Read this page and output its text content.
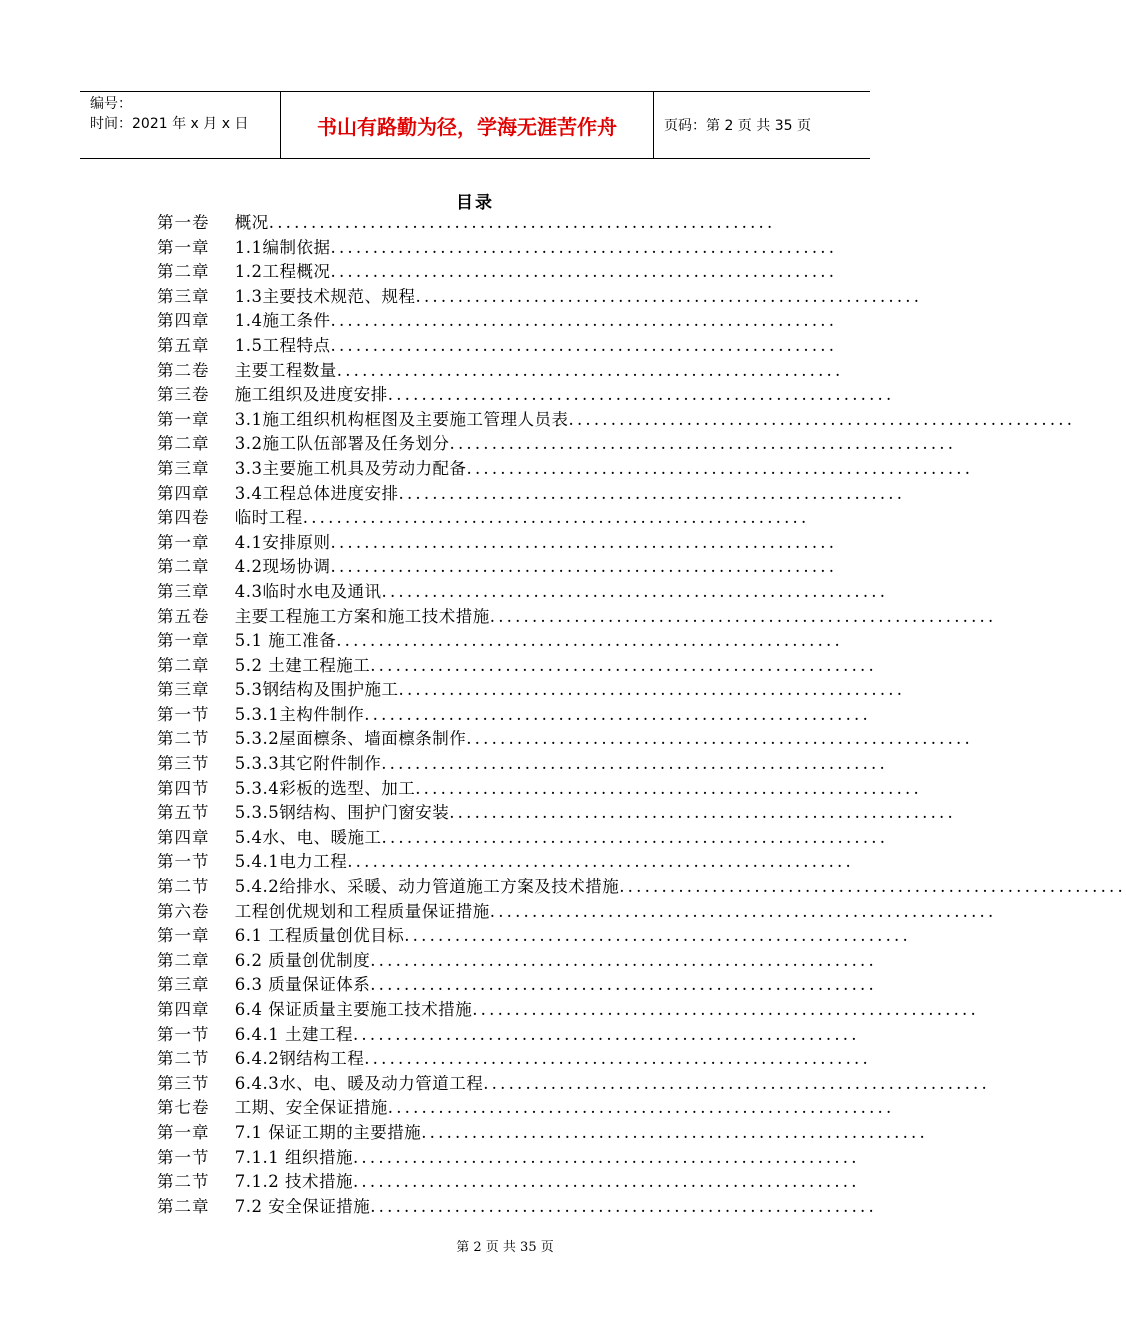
编号：
时间：2021 年 x 月 x 日	书山有路勤为径，学海无涯苦作舟	页码：第 2 页 共 35 页
目录
第一卷 概况............................................................
第一章 1.1编制依据............................................................
第二章 1.2工程概况............................................................
第三章 1.3主要技术规范、规程............................................................
第四章 1.4施工条件............................................................
第五章 1.5工程特点............................................................
第二卷 主要工程数量............................................................
第三卷 施工组织及进度安排............................................................
第一章 3.1施工组织机构框图及主要施工管理人员表............................................................
第二章 3.2施工队伍部署及任务划分............................................................
第三章 3.3主要施工机具及劳动力配备............................................................
第四章 3.4工程总体进度安排............................................................
第四卷 临时工程............................................................
第一章 4.1安排原则............................................................
第二章 4.2现场协调............................................................
第三章 4.3临时水电及通讯............................................................
第五卷 主要工程施工方案和施工技术措施............................................................
第一章 5.1 施工准备............................................................
第二章 5.2 土建工程施工............................................................
第三章 5.3钢结构及围护施工............................................................
第一节 5.3.1主构件制作............................................................
第二节 5.3.2屋面檩条、墙面檩条制作............................................................
第三节 5.3.3其它附件制作............................................................
第四节 5.3.4彩板的选型、加工............................................................
第五节 5.3.5钢结构、围护门窗安装............................................................
第四章 5.4水、电、暖施工............................................................
第一节 5.4.1电力工程............................................................
第二节 5.4.2给排水、采暖、动力管道施工方案及技术措施............................................................
第六卷 工程创优规划和工程质量保证措施............................................................
第一章 6.1 工程质量创优目标............................................................
第二章 6.2 质量创优制度............................................................
第三章 6.3 质量保证体系............................................................
第四章 6.4 保证质量主要施工技术措施............................................................
第一节 6.4.1 土建工程............................................................
第二节 6.4.2钢结构工程............................................................
第三节 6.4.3水、电、暖及动力管道工程............................................................
第七卷 工期、安全保证措施............................................................
第一章 7.1 保证工期的主要措施............................................................
第一节 7.1.1 组织措施............................................................
第二节 7.1.2 技术措施............................................................
第二章 7.2 安全保证措施............................................................
第 2 页 共 35 页
